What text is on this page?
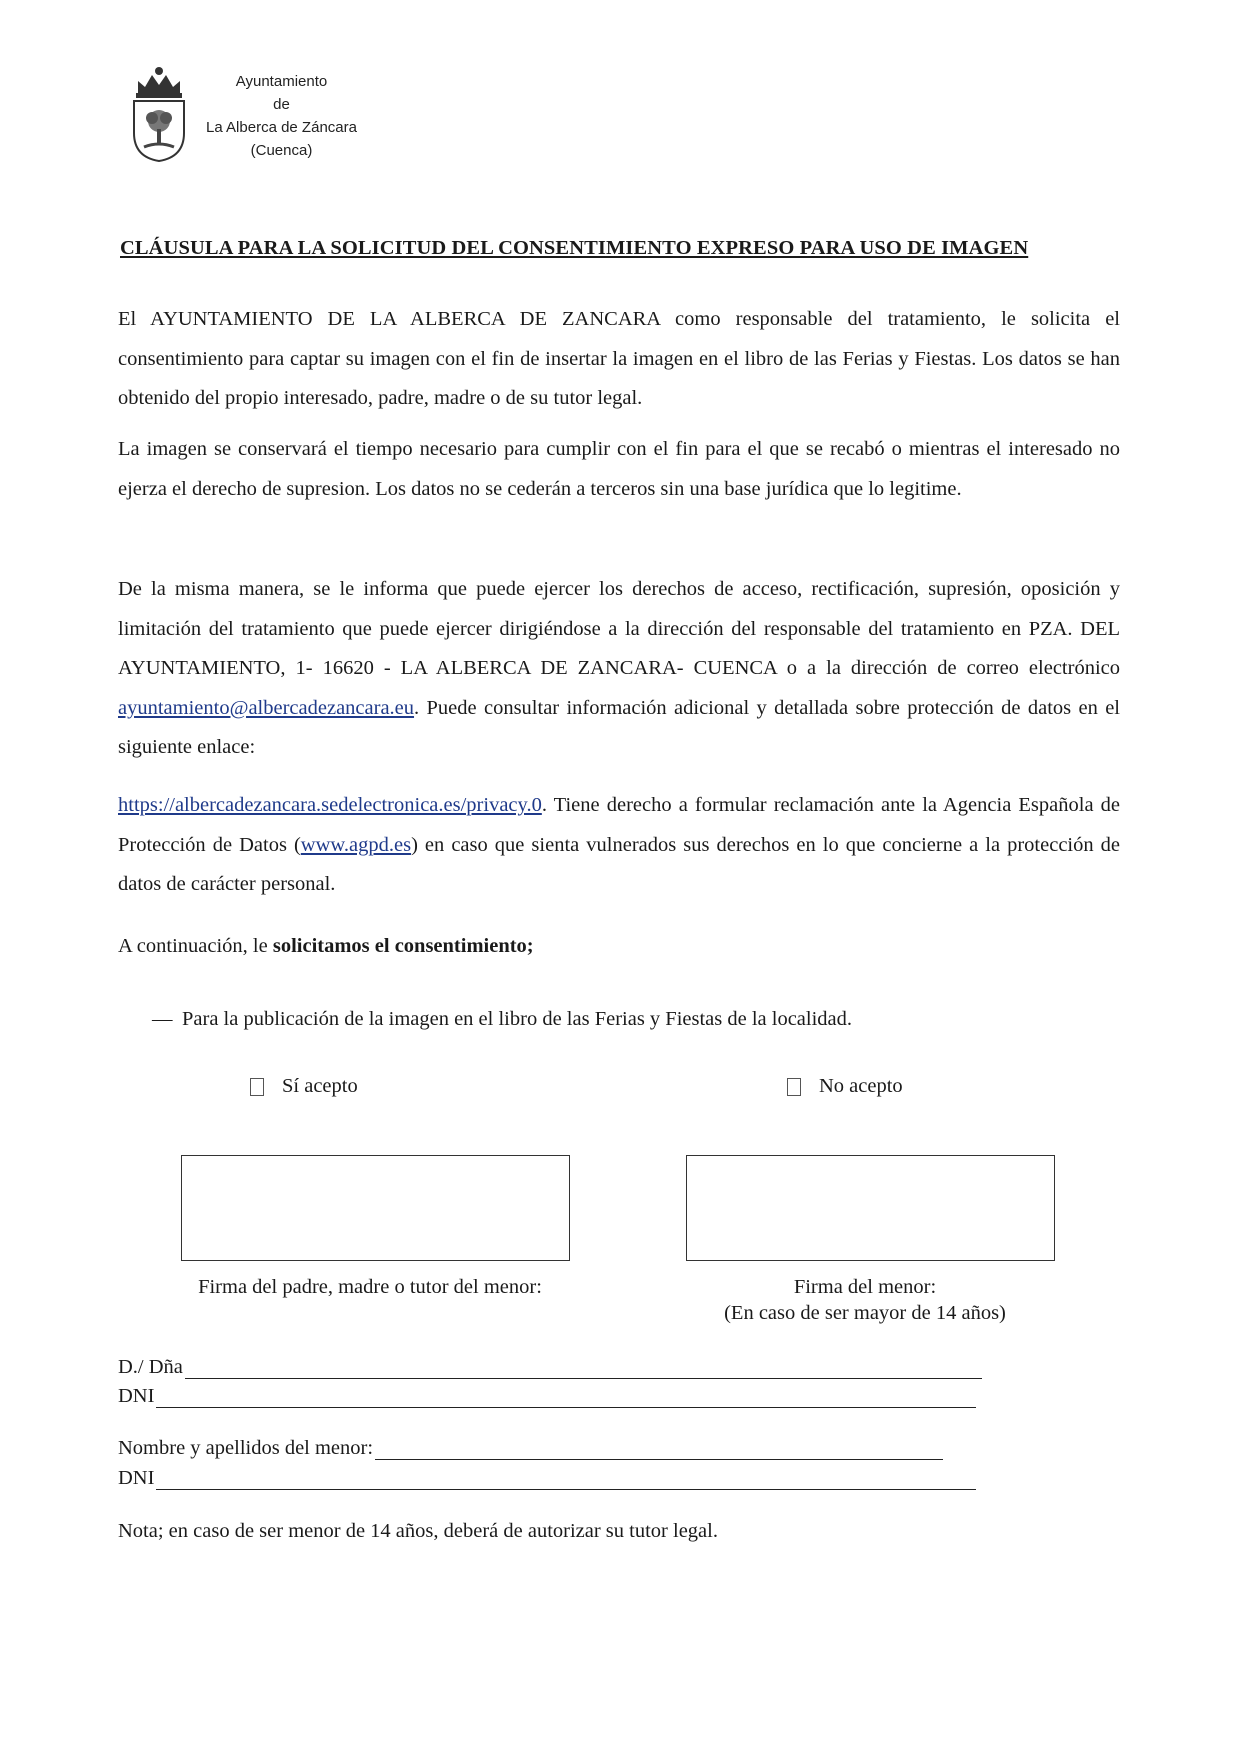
Ayuntamiento
de
La Alberca de Záncara
(Cuenca)
CLÁUSULA PARA LA SOLICITUD DEL CONSENTIMIENTO EXPRESO PARA USO DE IMAGEN
El AYUNTAMIENTO DE LA ALBERCA DE ZANCARA como responsable del tratamiento, le solicita el consentimiento para captar su imagen con el fin de insertar la imagen en el libro de las Ferias y Fiestas. Los datos se han obtenido del propio interesado, padre, madre o de su tutor legal.
La imagen se conservará el tiempo necesario para cumplir con el fin para el que se recabó o mientras el interesado no ejerza el derecho de supresion. Los datos no se cederán a terceros sin una base jurídica que lo legitime.
De la misma manera, se le informa que puede ejercer los derechos de acceso, rectificación, supresión, oposición y limitación del tratamiento que puede ejercer dirigiéndose a la dirección del responsable del tratamiento en PZA. DEL AYUNTAMIENTO, 1- 16620 - LA ALBERCA DE ZANCARA- CUENCA o a la dirección de correo electrónico ayuntamiento@albercadezancara.eu. Puede consultar información adicional y detallada sobre protección de datos en el siguiente enlace:
https://albercadezancara.sedelectronica.es/privacy.0. Tiene derecho a formular reclamación ante la Agencia Española de Protección de Datos (www.agpd.es) en caso que sienta vulnerados sus derechos en lo que concierne a la protección de datos de carácter personal.
A continuación, le solicitamos el consentimiento;
— Para la publicación de la imagen en el libro de las Ferias y Fiestas de la localidad.
Sí acepto	No acepto
Firma del padre, madre o tutor del menor:	Firma del menor:
(En caso de ser mayor de 14 años)
D./ Dña
DNI
Nombre y apellidos del menor:
DNI
Nota; en caso de ser menor de 14 años, deberá de autorizar su tutor legal.
